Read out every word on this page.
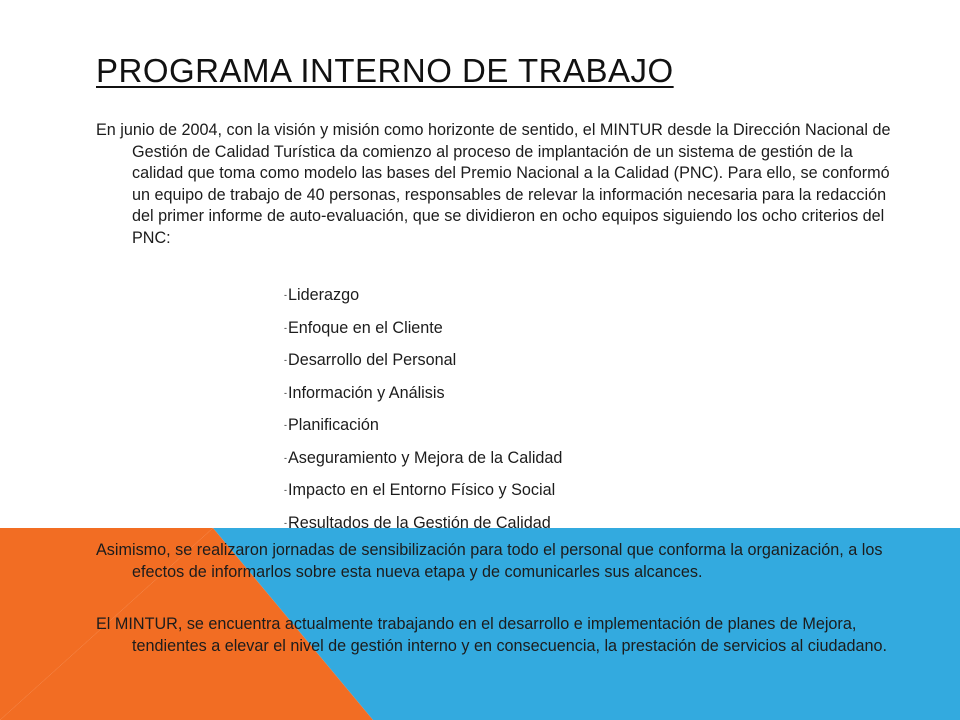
PROGRAMA INTERNO DE TRABAJO

En junio de 2004, con la visión y misión como horizonte de sentido, el MINTUR desde la Dirección Nacional de Gestión de Calidad Turística da comienzo al proceso de implantación de un sistema de gestión de la calidad que toma como modelo las bases del Premio Nacional a la Calidad (PNC). Para ello, se conformó un equipo de trabajo de 40 personas, responsables de relevar la información necesaria para la redacción del primer informe de auto-evaluación, que se dividieron en ocho equipos siguiendo los ocho criterios del PNC:

-Liderazgo
-Enfoque en el Cliente
-Desarrollo del Personal
-Información y Análisis
-Planificación
-Aseguramiento y Mejora de la Calidad
-Impacto en el Entorno Físico y Social
-Resultados de la Gestión de Calidad

Asimismo, se realizaron jornadas de sensibilización para todo el personal que conforma la organización, a los efectos de informarlos sobre esta nueva etapa y de comunicarles sus alcances.

El MINTUR, se encuentra actualmente trabajando en el desarrollo e implementación de planes de Mejora, tendientes a elevar el nivel de gestión interno y en consecuencia, la prestación de servicios al ciudadano.
